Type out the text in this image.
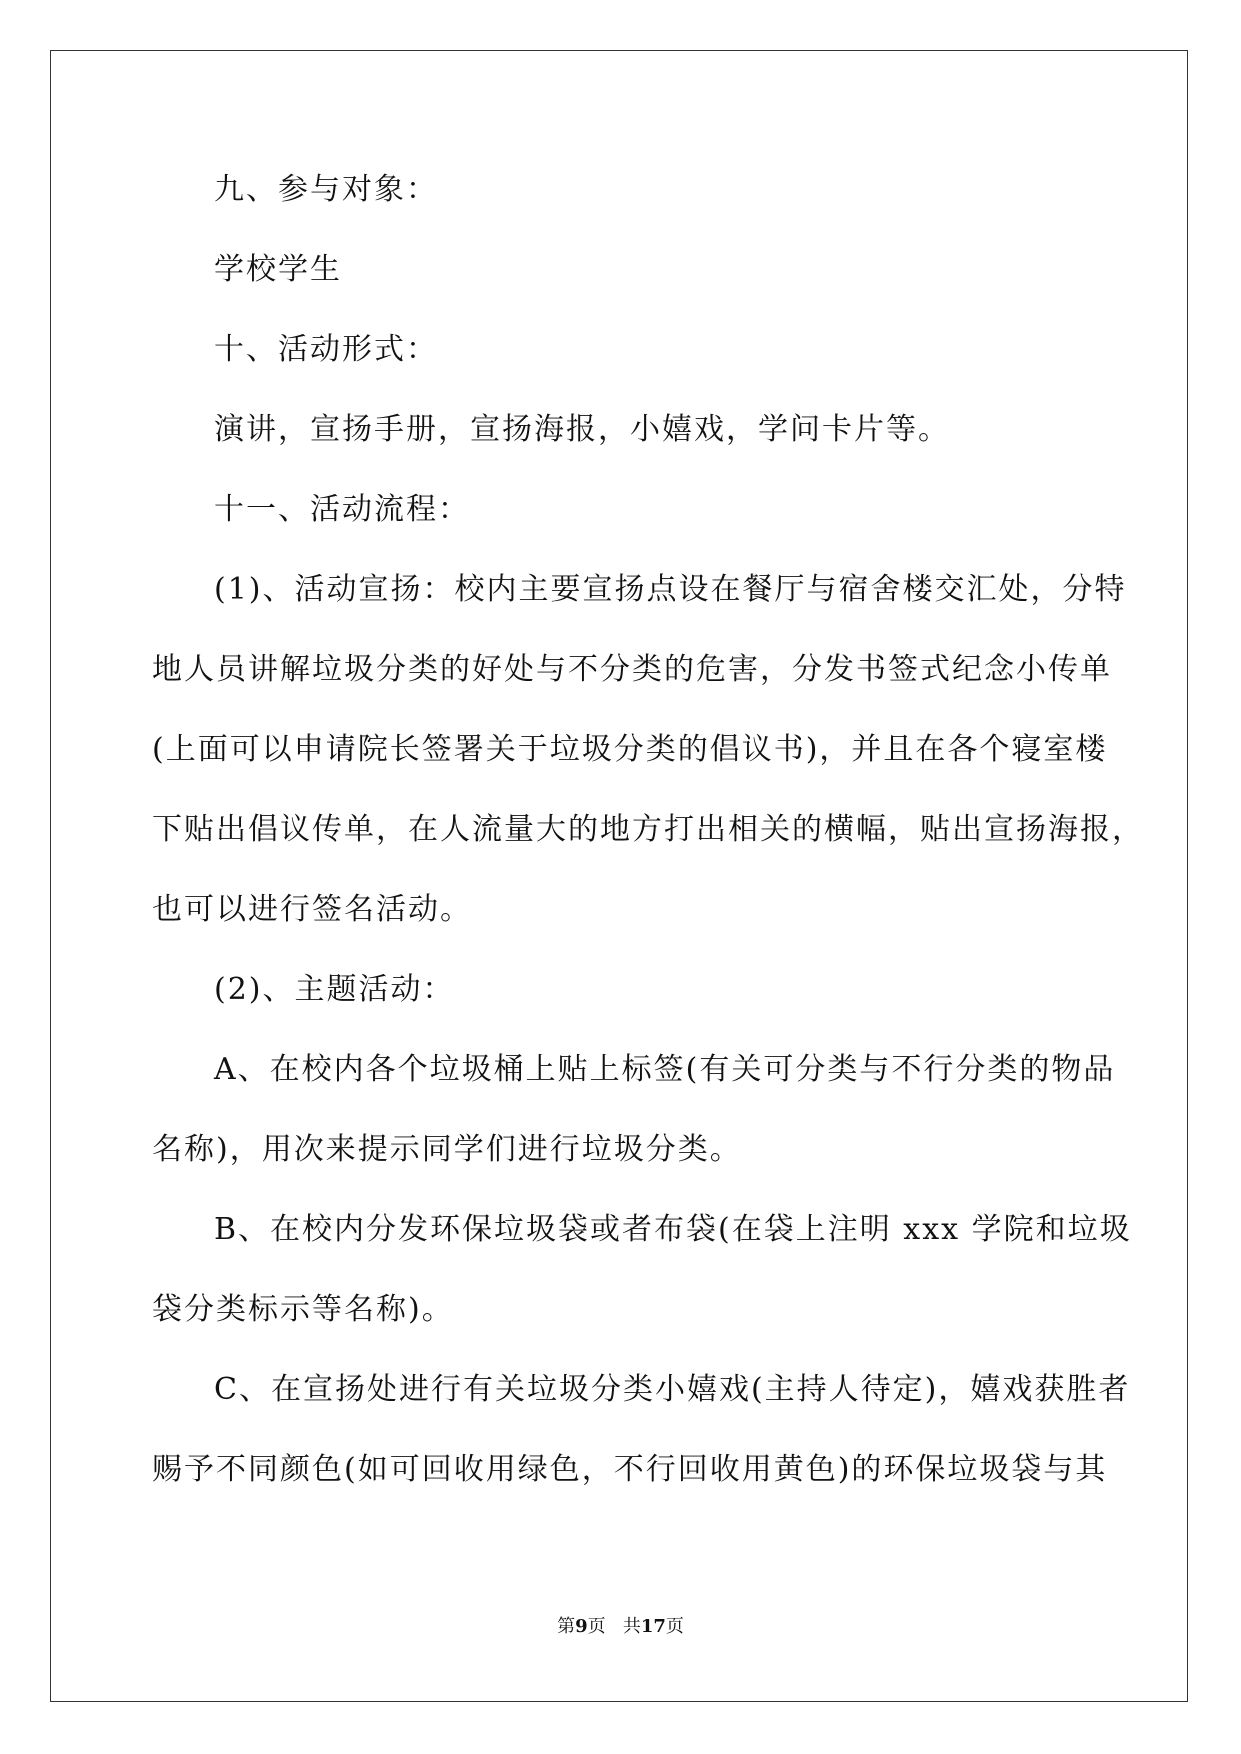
九、参与对象：
学校学生
十、活动形式：
演讲，宣扬手册，宣扬海报，小嬉戏，学问卡片等。
十一、活动流程：
(1)、活动宣扬：校内主要宣扬点设在餐厅与宿舍楼交汇处，分特
地人员讲解垃圾分类的好处与不分类的危害，分发书签式纪念小传单
(上面可以申请院长签署关于垃圾分类的倡议书)，并且在各个寝室楼
下贴出倡议传单，在人流量大的地方打出相关的横幅，贴出宣扬海报，
也可以进行签名活动。
(2)、主题活动：
A、在校内各个垃圾桶上贴上标签(有关可分类与不行分类的物品
名称)，用次来提示同学们进行垃圾分类。
B、在校内分发环保垃圾袋或者布袋(在袋上注明 xxx 学院和垃圾
袋分类标示等名称)。
C、在宣扬处进行有关垃圾分类小嬉戏(主持人待定)，嬉戏获胜者
赐予不同颜色(如可回收用绿色，不行回收用黄色)的环保垃圾袋与其
第9页 共17页
